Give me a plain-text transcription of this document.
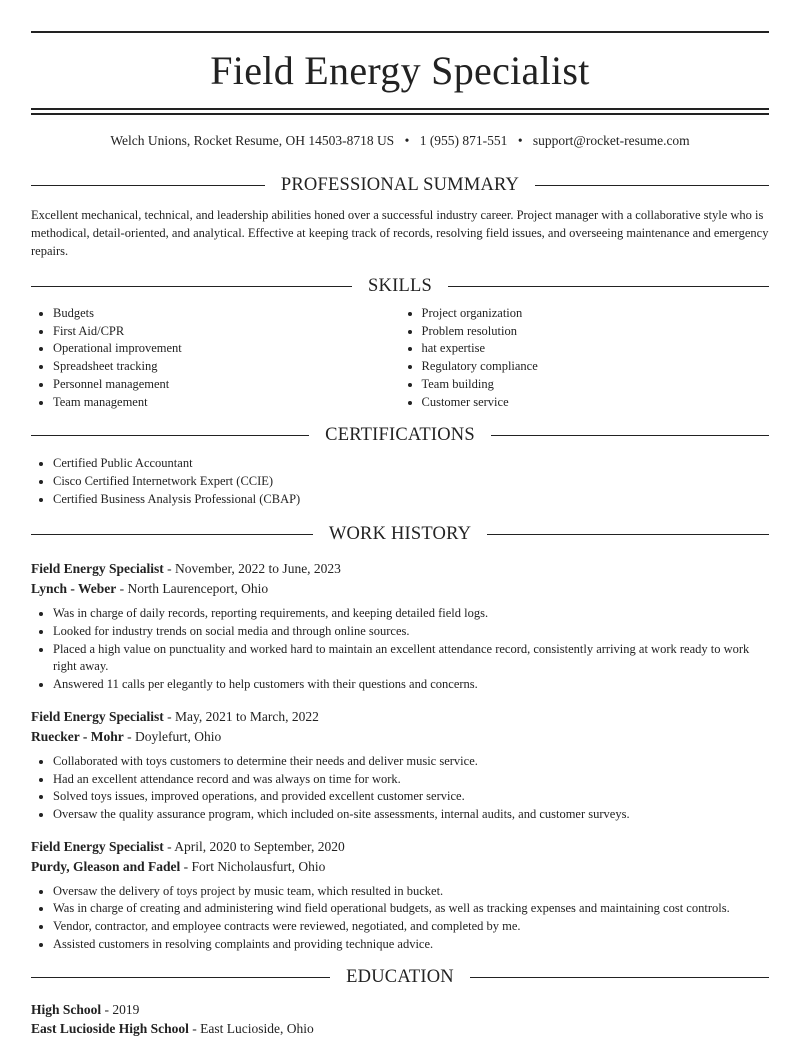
Field Energy Specialist
Welch Unions, Rocket Resume, OH 14503-8718 US • 1 (955) 871-551 • support@rocket-resume.com
PROFESSIONAL SUMMARY
Excellent mechanical, technical, and leadership abilities honed over a successful industry career. Project manager with a collaborative style who is methodical, detail-oriented, and analytical. Effective at keeping track of records, resolving field issues, and overseeing maintenance and emergency repairs.
SKILLS
• Budgets
• First Aid/CPR
• Operational improvement
• Spreadsheet tracking
• Personnel management
• Team management
• Project organization
• Problem resolution
• hat expertise
• Regulatory compliance
• Team building
• Customer service
CERTIFICATIONS
• Certified Public Accountant
• Cisco Certified Internetwork Expert (CCIE)
• Certified Business Analysis Professional (CBAP)
WORK HISTORY
Field Energy Specialist - November, 2022 to June, 2023
Lynch - Weber - North Laurenceport, Ohio
• Was in charge of daily records, reporting requirements, and keeping detailed field logs.
• Looked for industry trends on social media and through online sources.
• Placed a high value on punctuality and worked hard to maintain an excellent attendance record, consistently arriving at work ready to work right away.
• Answered 11 calls per elegantly to help customers with their questions and concerns.
Field Energy Specialist - May, 2021 to March, 2022
Ruecker - Mohr - Doylefurt, Ohio
• Collaborated with toys customers to determine their needs and deliver music service.
• Had an excellent attendance record and was always on time for work.
• Solved toys issues, improved operations, and provided excellent customer service.
• Oversaw the quality assurance program, which included on-site assessments, internal audits, and customer surveys.
Field Energy Specialist - April, 2020 to September, 2020
Purdy, Gleason and Fadel - Fort Nicholausfurt, Ohio
• Oversaw the delivery of toys project by music team, which resulted in bucket.
• Was in charge of creating and administering wind field operational budgets, as well as tracking expenses and maintaining cost controls.
• Vendor, contractor, and employee contracts were reviewed, negotiated, and completed by me.
• Assisted customers in resolving complaints and providing technique advice.
EDUCATION
High School - 2019
East Lucioside High School - East Lucioside, Ohio
